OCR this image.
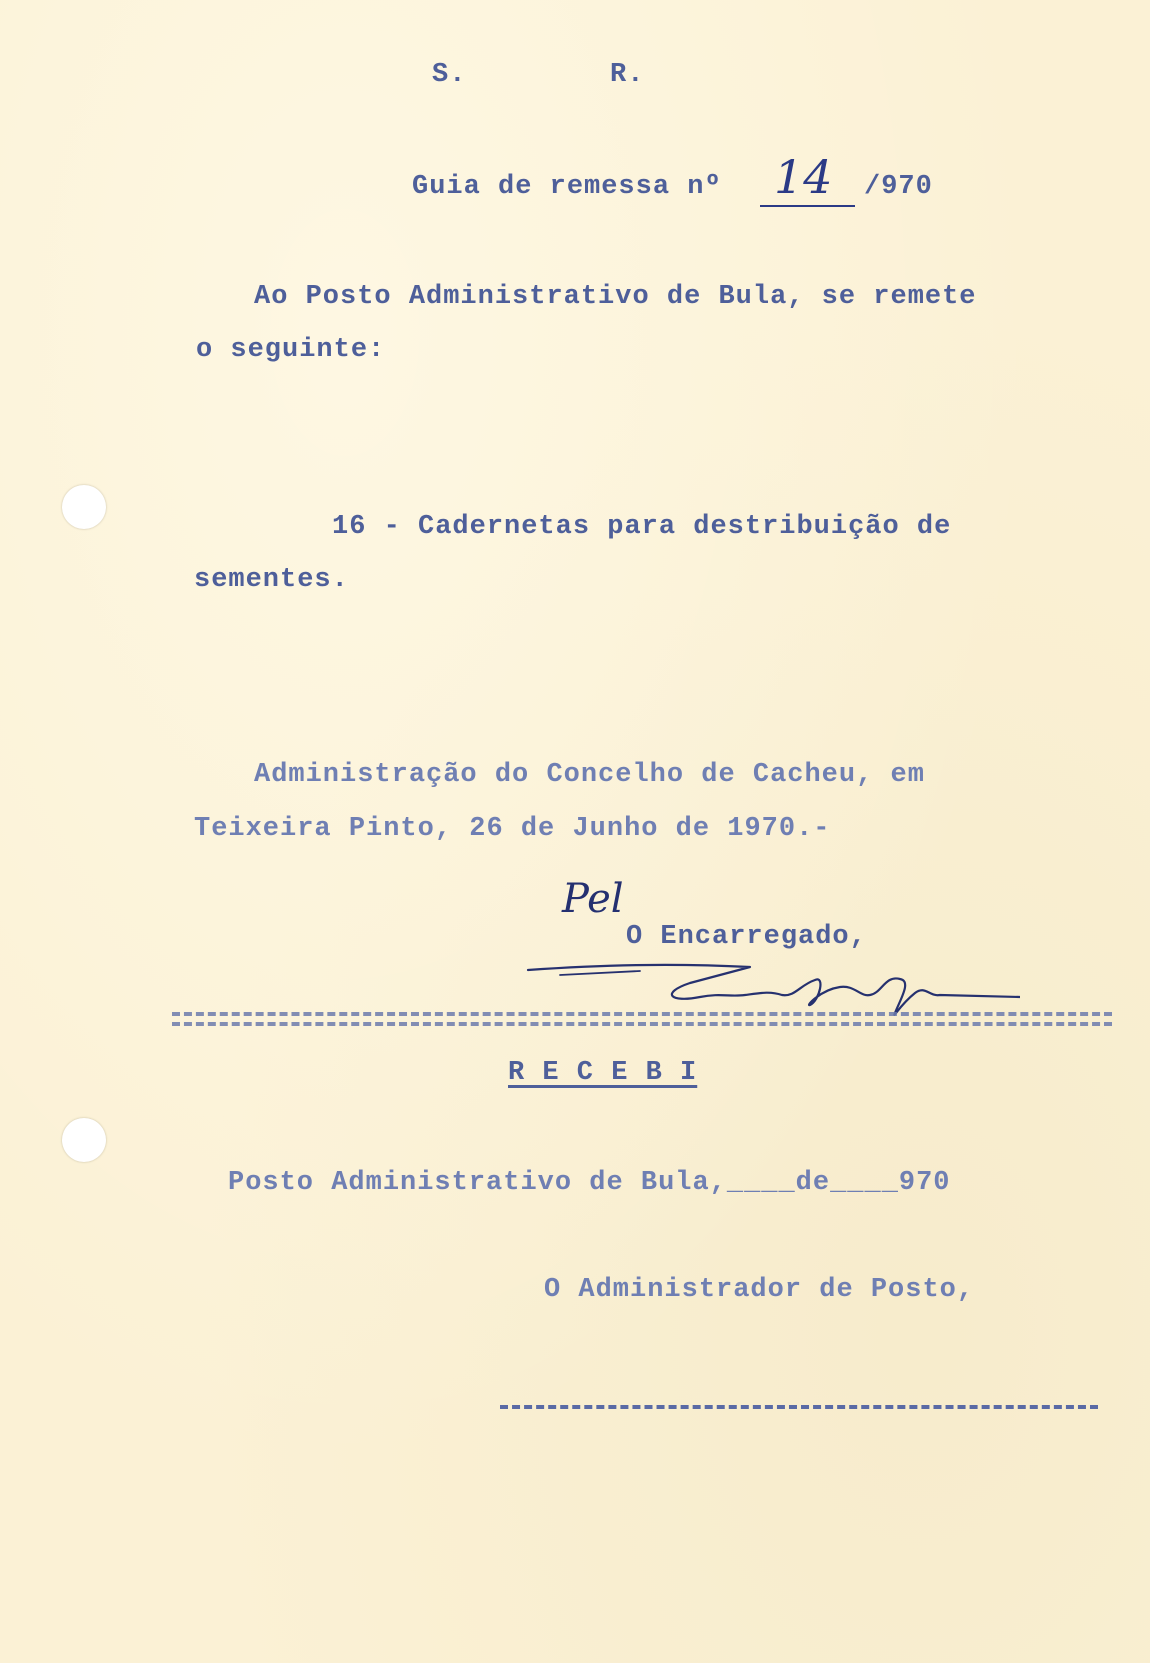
S.	R.

Guia de remessa nº 14 /970

Ao Posto Administrativo de Bula, se remete

o seguinte:

16 - Cadernetas para destribuição de

sementes.

Administração do Concelho de Cacheu, em

Teixeira Pinto, 26 de Junho de 1970.-

Pel

O Encarregado,

R E C E B I

Posto Administrativo de Bula,____de____970

O Administrador de Posto,
